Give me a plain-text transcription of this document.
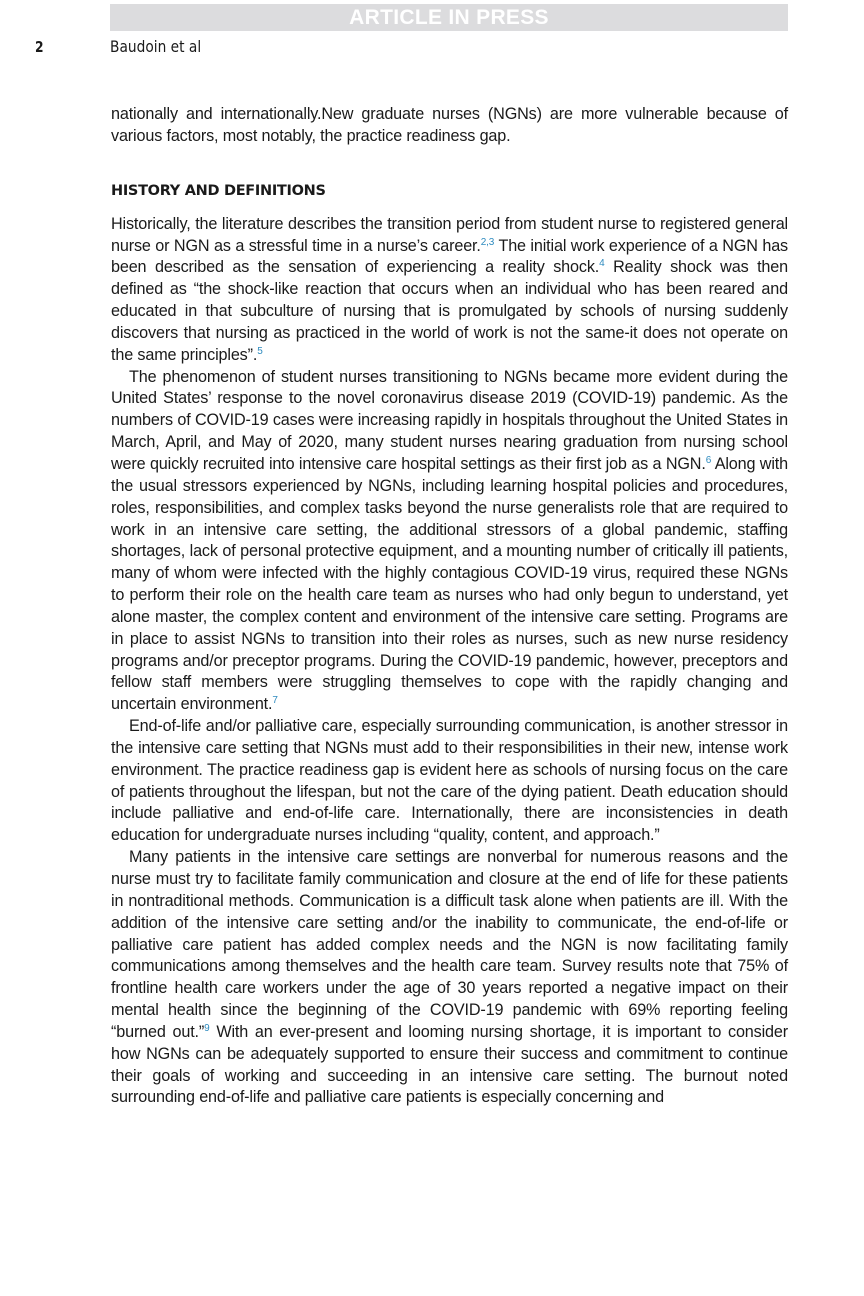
ARTICLE IN PRESS
2	Baudoin et al

nationally and internationally.New graduate nurses (NGNs) are more vulnerable because of various factors, most notably, the practice readiness gap.

HISTORY AND DEFINITIONS

Historically, the literature describes the transition period from student nurse to registered general nurse or NGN as a stressful time in a nurse’s career.$^{2,3}$ The initial work experience of a NGN has been described as the sensation of experiencing a reality shock.$^4$ Reality shock was then defined as “the shock-like reaction that occurs when an individual who has been reared and educated in that subculture of nursing that is promulgated by schools of nursing suddenly discovers that nursing as practiced in the world of work is not the same-it does not operate on the same principles”.$^5$

The phenomenon of student nurses transitioning to NGNs became more evident during the United States’ response to the novel coronavirus disease 2019 (COVID-19) pandemic. As the numbers of COVID-19 cases were increasing rapidly in hospitals throughout the United States in March, April, and May of 2020, many student nurses nearing graduation from nursing school were quickly recruited into intensive care hospital settings as their first job as a NGN.$^6$ Along with the usual stressors experienced by NGNs, including learning hospital policies and procedures, roles, responsibilities, and complex tasks beyond the nurse generalists role that are required to work in an intensive care setting, the additional stressors of a global pandemic, staffing shortages, lack of personal protective equipment, and a mounting number of critically ill patients, many of whom were infected with the highly contagious COVID-19 virus, required these NGNs to perform their role on the health care team as nurses who had only begun to understand, yet alone master, the complex content and environment of the intensive care setting. Programs are in place to assist NGNs to transition into their roles as nurses, such as new nurse residency programs and/or preceptor programs. During the COVID-19 pandemic, however, preceptors and fellow staff members were struggling themselves to cope with the rapidly changing and uncertain environment.$^7$

End-of-life and/or palliative care, especially surrounding communication, is another stressor in the intensive care setting that NGNs must add to their responsibilities in their new, intense work environment. The practice readiness gap is evident here as schools of nursing focus on the care of patients throughout the lifespan, but not the care of the dying patient. Death education should include palliative and end-of-life care. Internationally, there are inconsistencies in death education for undergraduate nurses including “quality, content, and approach.”

Many patients in the intensive care settings are nonverbal for numerous reasons and the nurse must try to facilitate family communication and closure at the end of life for these patients in nontraditional methods. Communication is a difficult task alone when patients are ill. With the addition of the intensive care setting and/or the inability to communicate, the end-of-life or palliative care patient has added complex needs and the NGN is now facilitating family communications among themselves and the health care team. Survey results note that 75% of frontline health care workers under the age of 30 years reported a negative impact on their mental health since the beginning of the COVID-19 pandemic with 69% reporting feeling “burned out.”$^9$ With an ever-present and looming nursing shortage, it is important to consider how NGNs can be adequately supported to ensure their success and commitment to continue their goals of working and succeeding in an intensive care setting. The burnout noted surrounding end-of-life and palliative care patients is especially concerning and
